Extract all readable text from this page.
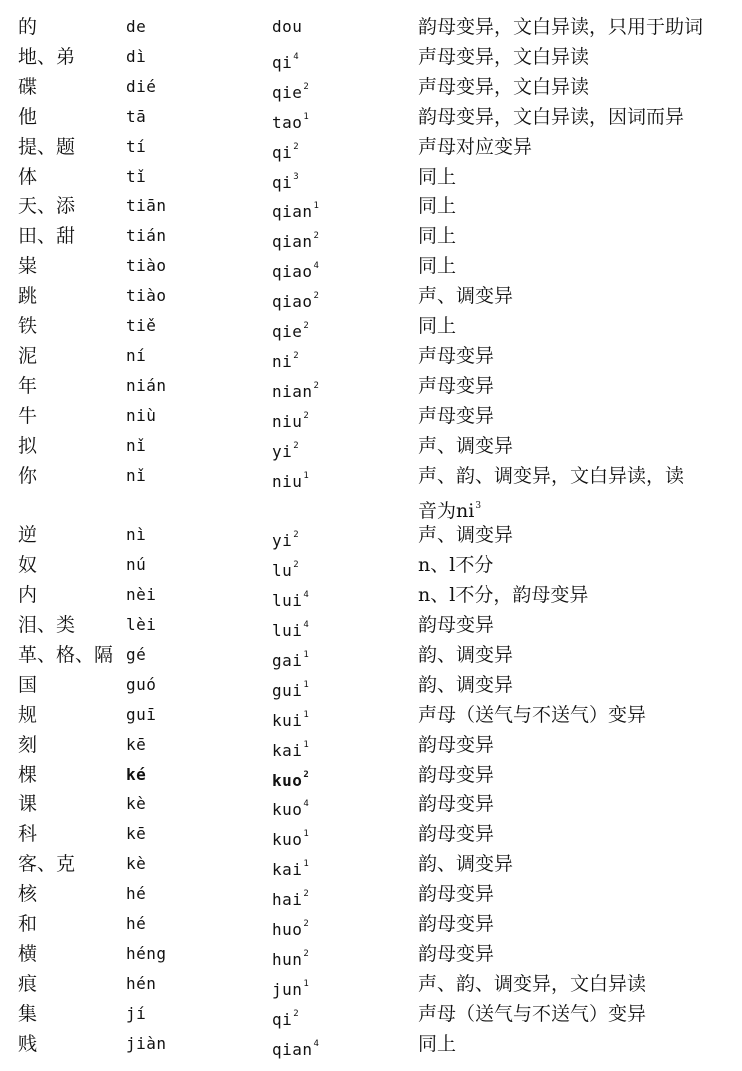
的	de	dou	韵母变异，文白异读，只用于助词
地、弟	dì	$qi^4$	声母变异，文白异读
碟	dié	qie$^2$	声母变异，文白异读
他	tā	tao$^1$	韵母变异，文白异读，因词而异
提、题	tí	$qi^2$	声母对应变异
体	tǐ	$qi^3$	同上
天、添	tiān	qian$^1$	同上
田、甜	tián	qian$^2$	同上
粜	tiào	qiao$^4$	同上
跳	tiào	qiao$^2$	声、调变异
铁	tiě	qie$^2$	同上
泥	ní	$ni^2$	声母变异
年	nián	nian$^2$	声母变异
牛	niù	niu$^2$	声母变异
拟	nǐ	$yi^2$	声、调变异
你	nǐ	niu$^1$	声、韵、调变异，文白异读，读
音为$ni^3$
逆	nì	$yi^2$	声、调变异
奴	nú	$lu^2$	n、l不分
内	nèi	lui$^4$	n、l不分，韵母变异
泪、类	lèi	lui$^4$	韵母变异
革、格、隔 gé	gai$^1$	韵、调变异
国	guó	gui$^1$	韵、调变异
规	guī	kui$^1$	声母（送气与不送气）变异
刻	kē	kai$^1$	韵母变异
棵	ké	kuo$^2$	韵母变异
课	kè	kuo$^4$	韵母变异
科	kē	kuo$^1$	韵母变异
客、克	kè	kai$^1$	韵、调变异
核	hé	hai$^2$	韵母变异
和	hé	huo$^2$	韵母变异
横	héng	hun$^2$	韵母变异
痕	hén	jun$^1$	声、韵、调变异，文白异读
集	jí	$qi^2$	声母（送气与不送气）变异
贱	jiàn	qian$^4$	同上
